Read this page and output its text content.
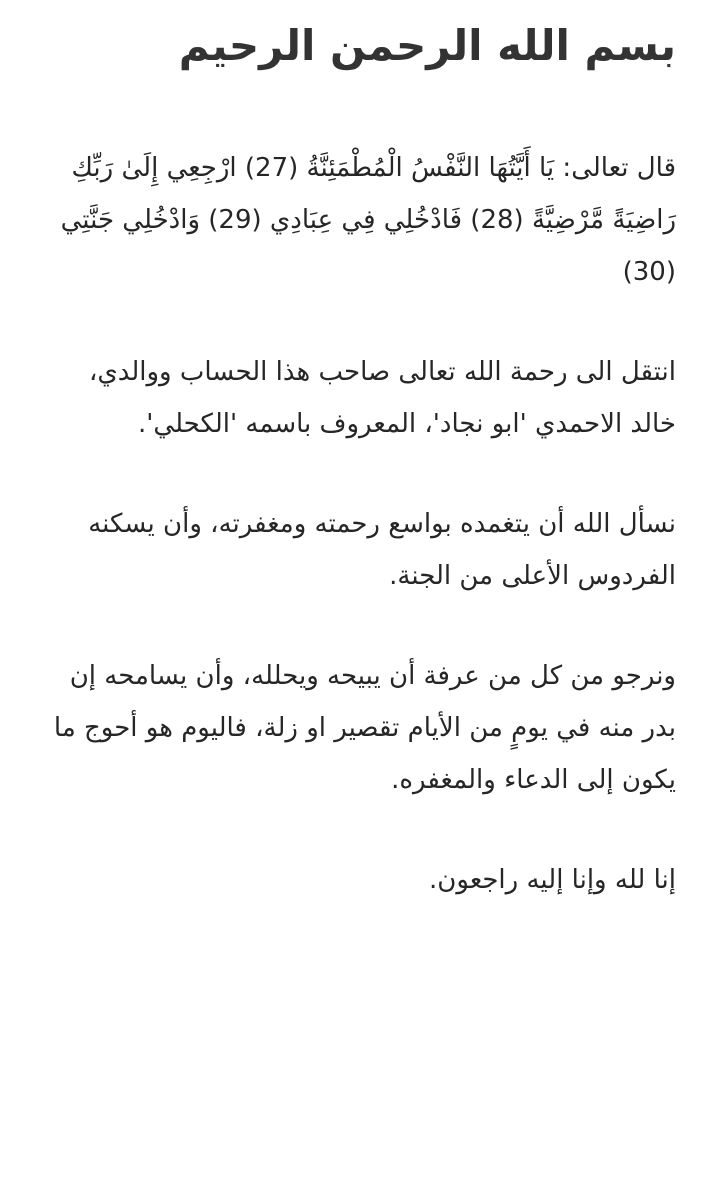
بسم الله الرحمن الرحيم

قال تعالى: يَا أَيَّتُهَا النَّفْسُ الْمُطْمَئِنَّةُ (27) ارْجِعِي إِلَىٰ رَبِّكِ رَاضِيَةً مَّرْضِيَّةً (28) فَادْخُلِي فِي عِبَادِي (29) وَادْخُلِي جَنَّتِي (30)

انتقل الى رحمة الله تعالى صاحب هذا الحساب ووالدي، خالد الاحمدي 'ابو نجاد'، المعروف باسمه 'الكحلي'.

نسأل الله أن يتغمده بواسع رحمته ومغفرته، وأن يسكنه الفردوس الأعلى من الجنة.

ونرجو من كل من عرفة أن يبيحه ويحلله، وأن يسامحه إن بدر منه في يومٍ من الأيام تقصير او زلة، فاليوم هو أحوج ما يكون إلى الدعاء والمغفره.

إنا لله وإنا إليه راجعون.
